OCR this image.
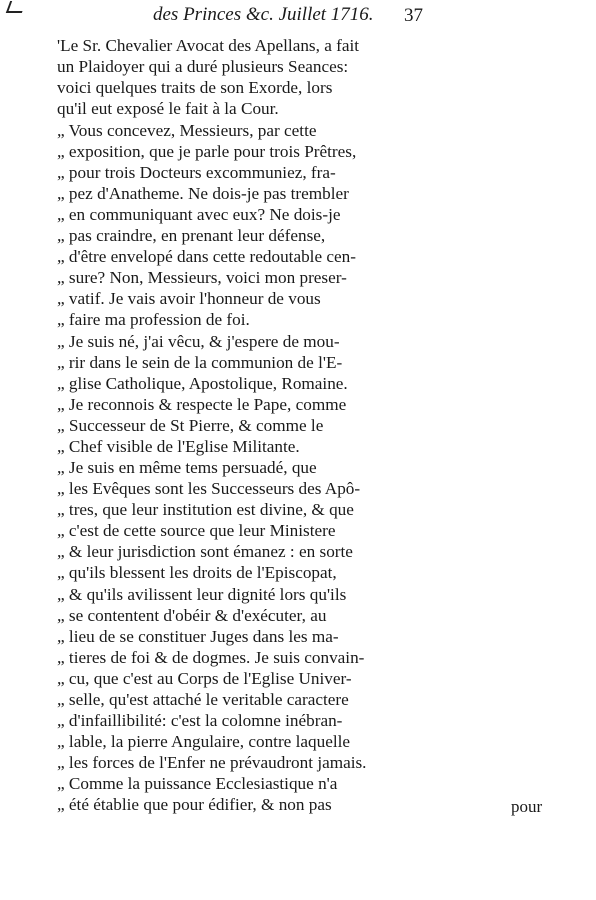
des Princes &c. Juillet 1716. 37
'Le Sr. Chevalier Avocat des Apellans, a fait
un Plaidoyer qui a duré plusieurs Seances:
voici quelques traits de son Exorde, lors
qu'il eut exposé le fait à la Cour.
„ Vous concevez, Messieurs, par cette
„ exposition, que je parle pour trois Prêtres,
„ pour trois Docteurs excommuniez, fra-
„ pez d'Anatheme. Ne dois-je pas trembler
„ en communiquant avec eux? Ne dois-je
„ pas craindre, en prenant leur défense,
„ d'être envelopé dans cette redoutable cen-
„ sure? Non, Messieurs, voici mon preser-
„ vatif. Je vais avoir l'honneur de vous
„ faire ma profession de foi.
„ Je suis né, j'ai vêcu, & j'espere de mou-
„ rir dans le sein de la communion de l'E-
„ glise Catholique, Apostolique, Romaine.
„ Je reconnois & respecte le Pape, comme
„ Successeur de St Pierre, & comme le
„ Chef visible de l'Eglise Militante.
„ Je suis en même tems persuadé, que
„ les Evêques sont les Successeurs des Apô-
„ tres, que leur institution est divine, & que
„ c'est de cette source que leur Ministere
„ & leur jurisdiction sont émanez : en sorte
„ qu'ils blessent les droits de l'Episcopat,
„ & qu'ils avilissent leur dignité lors qu'ils
„ se contentent d'obéir & d'exécuter, au
„ lieu de se constituer Juges dans les ma-
„ tieres de foi & de dogmes. Je suis convain-
„ cu, que c'est au Corps de l'Eglise Univer-
„ selle, qu'est attaché le veritable caractere
„ d'infaillibilité: c'est la colomne inébran-
„ lable, la pierre Angulaire, contre laquelle
„ les forces de l'Enfer ne prévaudront jamais.
„ Comme la puissance Ecclesiastique n'a
„ été établie que pour édifier, & non pas	pour
